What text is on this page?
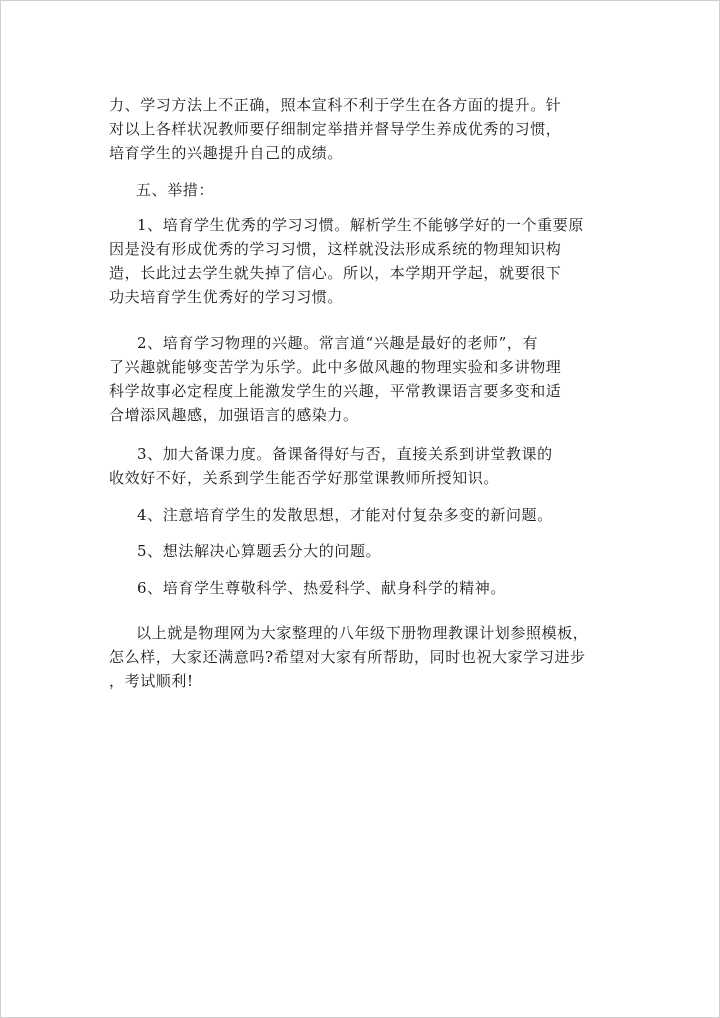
力、学习方法上不正确，照本宣科不利于学生在各方面的提升。针
对以上各样状况教师要仔细制定举措并督导学生养成优秀的习惯，
培育学生的兴趣提升自己的成绩。
五、举措：
1、培育学生优秀的学习习惯。解析学生不能够学好的一个重要原
因是没有形成优秀的学习习惯，这样就没法形成系统的物理知识构
造，长此过去学生就失掉了信心。所以，本学期开学起，就要很下
功夫培育学生优秀好的学习习惯。
2、培育学习物理的兴趣。常言道“兴趣是最好的老师”，有
了兴趣就能够变苦学为乐学。此中多做风趣的物理实验和多讲物理
科学故事必定程度上能激发学生的兴趣，平常教课语言要多变和适
合增添风趣感，加强语言的感染力。
3、加大备课力度。备课备得好与否，直接关系到讲堂教课的
收效好不好，关系到学生能否学好那堂课教师所授知识。
4、注意培育学生的发散思想，才能对付复杂多变的新问题。
5、想法解决心算题丢分大的问题。
6、培育学生尊敬科学、热爱科学、献身科学的精神。
以上就是物理网为大家整理的八年级下册物理教课计划参照模板，
怎么样，大家还满意吗?希望对大家有所帮助，同时也祝大家学习进步
，考试顺利!
